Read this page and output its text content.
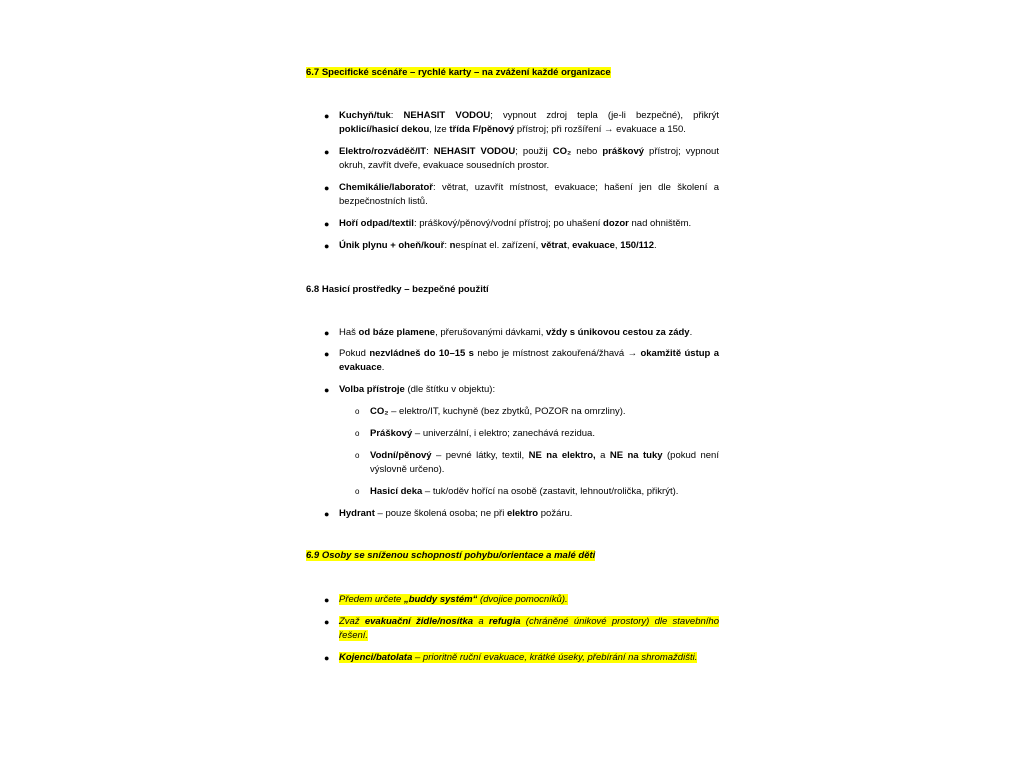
6.7 Specifické scénáře – rychlé karty – na zvážení každé organizace
● Kuchyň/tuk: NEHASIT VODOU; vypnout zdroj tepla (je-li bezpečné), přikrýt poklicí/hasicí dekou, lze třída F/pěnový přístroj; při rozšíření → evakuace a 150.
● Elektro/rozváděč/IT: NEHASIT VODOU; použij CO₂ nebo práškový přístroj; vypnout okruh, zavřít dveře, evakuace sousedních prostor.
● Chemikálie/laboratoř: větrat, uzavřít místnost, evakuace; hašení jen dle školení a bezpečnostních listů.
● Hoří odpad/textil: práškový/pěnový/vodní přístroj; po uhašení dozor nad ohništěm.
● Únik plynu + oheň/kouř: nespínat el. zařízení, větrat, evakuace, 150/112.
6.8 Hasicí prostředky – bezpečné použití
● Haš od báze plamene, přerušovanými dávkami, vždy s únikovou cestou za zády.
● Pokud nezvládneš do 10–15 s nebo je místnost zakouřená/žhavá → okamžitě ústup a evakuace.
● Volba přístroje (dle štítku v objektu):
o CO₂ – elektro/IT, kuchyně (bez zbytků, POZOR na omrzliny).
o Práškový – univerzální, i elektro; zanechává rezidua.
o Vodní/pěnový – pevné látky, textil, NE na elektro, a NE na tuky (pokud není výslovně určeno).
o Hasicí deka – tuk/oděv hořící na osobě (zastavit, lehnout/rolička, přikrýt).
● Hydrant – pouze školená osoba; ne při elektro požáru.
6.9 Osoby se sníženou schopností pohybu/orientace a malé děti
● Předem určete „buddy systém“ (dvojice pomocníků).
● Zvaž evakuační židle/nosítka a refugia (chráněné únikové prostory) dle stavebního řešení.
● Kojenci/batolata – prioritně ruční evakuace, krátké úseky, přebírání na shromaždišti.
